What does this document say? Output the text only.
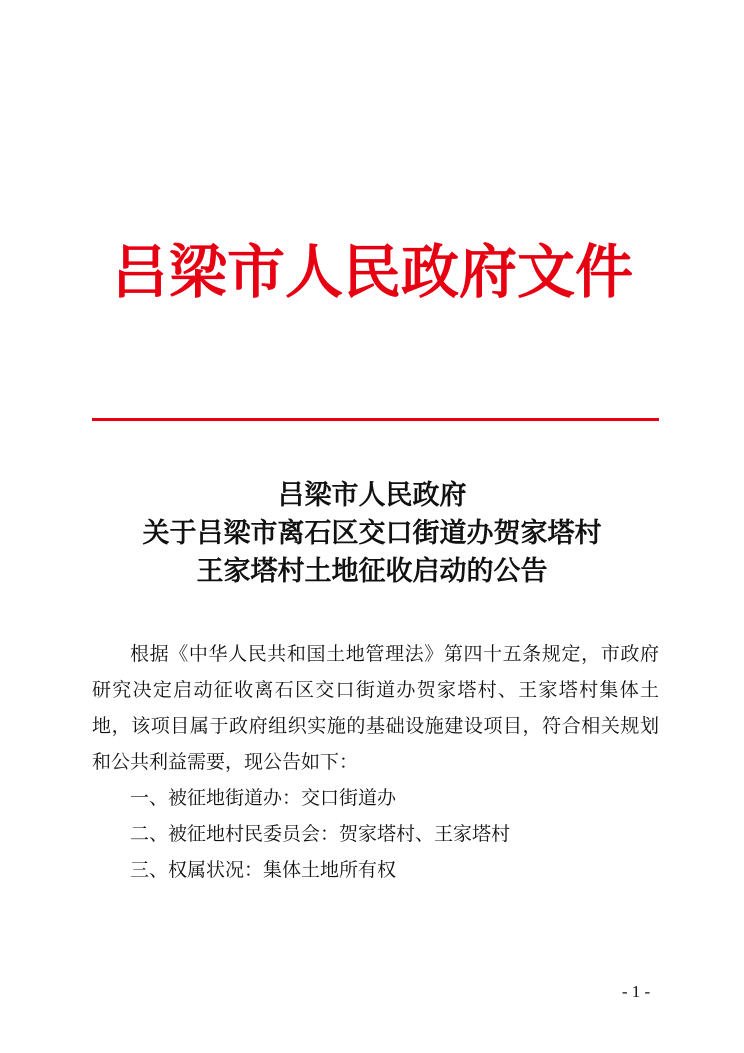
吕梁市人民政府文件
吕梁市人民政府
关于吕梁市离石区交口街道办贺家塔村
王家塔村土地征收启动的公告

根据《中华人民共和国土地管理法》第四十五条规定，市政府研究决定启动征收离石区交口街道办贺家塔村、王家塔村集体土地，该项目属于政府组织实施的基础设施建设项目，符合相关规划和公共利益需要，现公告如下：

一、被征地街道办：交口街道办

二、被征地村民委员会：贺家塔村、王家塔村

三、权属状况：集体土地所有权

- 1 -
